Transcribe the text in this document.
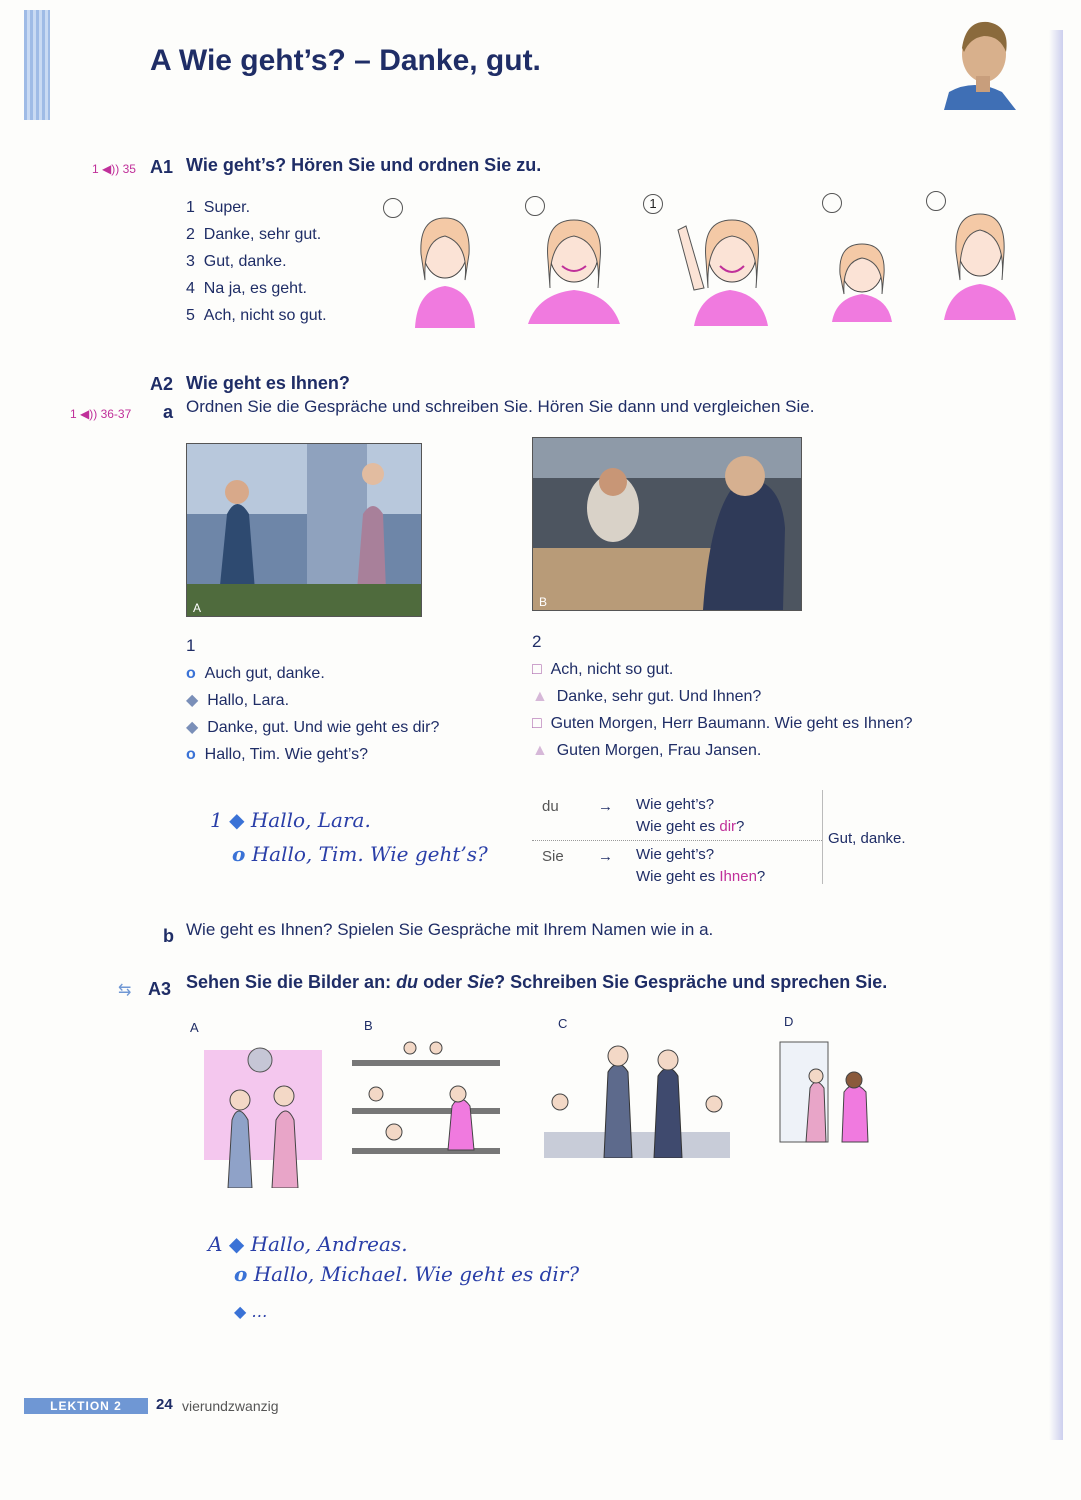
A Wie geht’s? – Danke, gut.
1 ◀)) 35 A1 Wie geht’s? Hören Sie und ordnen Sie zu.
1 Super.
2 Danke, sehr gut.
3 Gut, danke.
4 Na ja, es geht.
5 Ach, nicht so gut.
1
A2 Wie geht es Ihnen?
1 ◀)) 36-37 a Ordnen Sie die Gespräche und schreiben Sie. Hören Sie dann und vergleichen Sie.
A	B
1
o Auch gut, danke.
◆ Hallo, Lara.
◆ Danke, gut. Und wie geht es dir?
o Hallo, Tim. Wie geht’s?
2
□ Ach, nicht so gut.
▲ Danke, sehr gut. Und Ihnen?
□ Guten Morgen, Herr Baumann. Wie geht es Ihnen?
▲ Guten Morgen, Frau Jansen.
1 ◆ Hallo, Lara.
o Hallo, Tim. Wie geht’s?
du	→ Wie geht’s?
Wie geht es dir?
Sie → Wie geht’s?
Wie geht es Ihnen?
Gut, danke.
b Wie geht es Ihnen? Spielen Sie Gespräche mit Ihrem Namen wie in a.
⇆ A3 Sehen Sie die Bilder an: du oder Sie? Schreiben Sie Gespräche und sprechen Sie.
A	B	C	D
A ◆ Hallo, Andreas.
o Hallo, Michael. Wie geht es dir?
◆ …
LEKTION 2	24 vierundzwanzig
